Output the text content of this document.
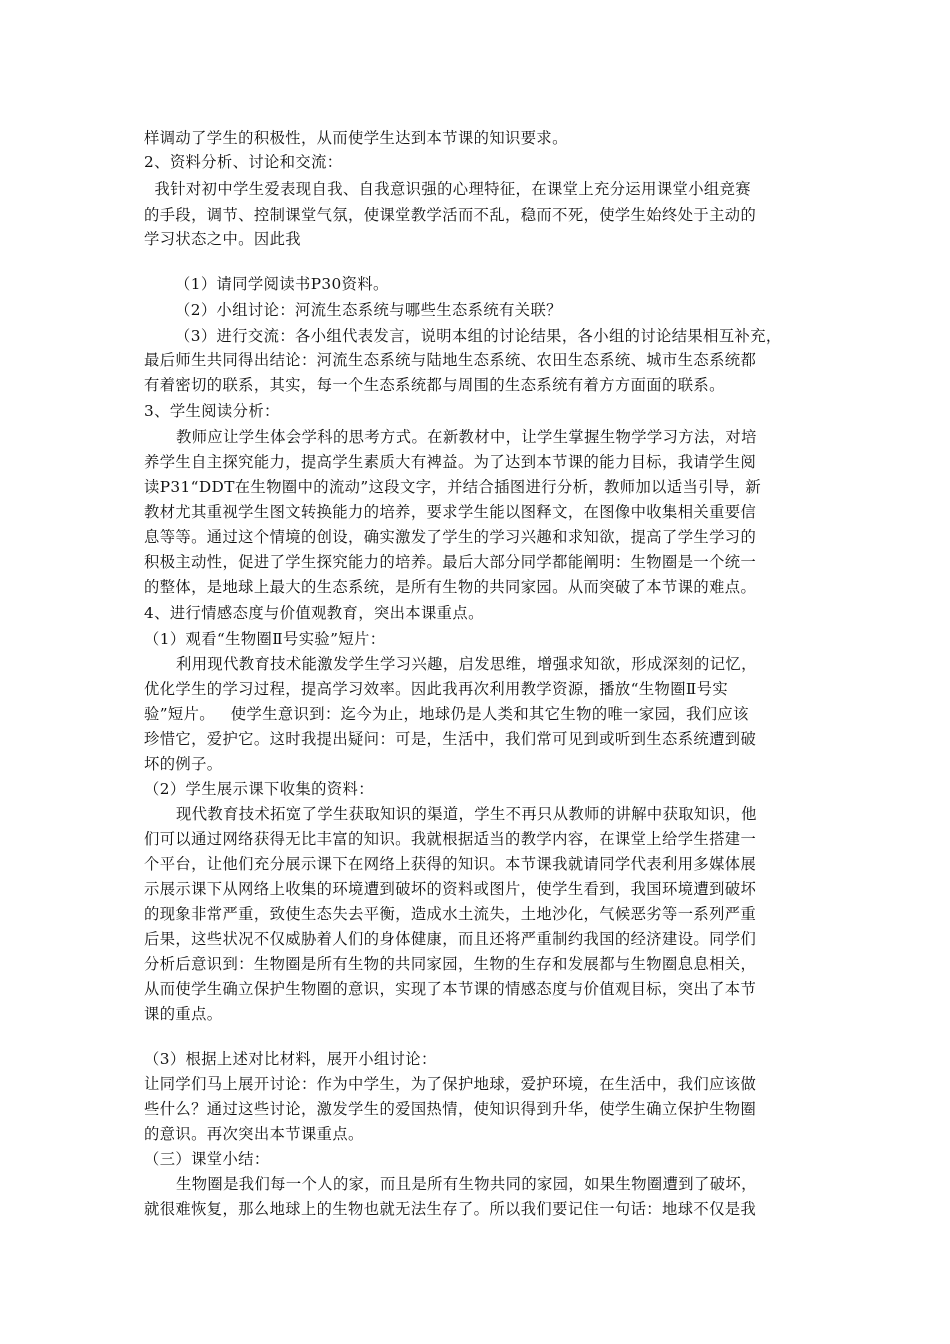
样调动了学生的积极性，从而使学生达到本节课的知识要求。
2、资料分析、讨论和交流：
我针对初中学生爱表现自我、自我意识强的心理特征，在课堂上充分运用课堂小组竞赛
的手段，调节、控制课堂气氛，使课堂教学活而不乱，稳而不死，使学生始终处于主动的
学习状态之中。因此我
（1）请同学阅读书P30资料。
（2）小组讨论：河流生态系统与哪些生态系统有关联？
（3）进行交流：各小组代表发言，说明本组的讨论结果，各小组的讨论结果相互补充，
最后师生共同得出结论：河流生态系统与陆地生态系统、农田生态系统、城市生态系统都
有着密切的联系，其实，每一个生态系统都与周围的生态系统有着方方面面的联系。
3、学生阅读分析：
教师应让学生体会学科的思考方式。在新教材中，让学生掌握生物学学习方法，对培
养学生自主探究能力，提高学生素质大有裨益。为了达到本节课的能力目标，我请学生阅
读P31“DDT在生物圈中的流动”这段文字，并结合插图进行分析，教师加以适当引导，新
教材尤其重视学生图文转换能力的培养，要求学生能以图释文，在图像中收集相关重要信
息等等。通过这个情境的创设，确实激发了学生的学习兴趣和求知欲，提高了学生学习的
积极主动性，促进了学生探究能力的培养。最后大部分同学都能阐明：生物圈是一个统一
的整体，是地球上最大的生态系统，是所有生物的共同家园。从而突破了本节课的难点。
4、进行情感态度与价值观教育，突出本课重点。
（1）观看“生物圈Ⅱ号实验”短片：
利用现代教育技术能激发学生学习兴趣，启发思维，增强求知欲，形成深刻的记忆，
优化学生的学习过程，提高学习效率。因此我再次利用教学资源，播放“生物圈Ⅱ号实
验”短片。   使学生意识到：迄今为止，地球仍是人类和其它生物的唯一家园，我们应该
珍惜它，爱护它。这时我提出疑问：可是，生活中，我们常可见到或听到生态系统遭到破
坏的例子。
（2）学生展示课下收集的资料：
现代教育技术拓宽了学生获取知识的渠道，学生不再只从教师的讲解中获取知识，他
们可以通过网络获得无比丰富的知识。我就根据适当的教学内容，在课堂上给学生搭建一
个平台，让他们充分展示课下在网络上获得的知识。本节课我就请同学代表利用多媒体展
示展示课下从网络上收集的环境遭到破坏的资料或图片，使学生看到，我国环境遭到破坏
的现象非常严重，致使生态失去平衡，造成水土流失，土地沙化，气候恶劣等一系列严重
后果，这些状况不仅威胁着人们的身体健康，而且还将严重制约我国的经济建设。同学们
分析后意识到：生物圈是所有生物的共同家园，生物的生存和发展都与生物圈息息相关，
从而使学生确立保护生物圈的意识，实现了本节课的情感态度与价值观目标，突出了本节
课的重点。
（3）根据上述对比材料，展开小组讨论：
让同学们马上展开讨论：作为中学生，为了保护地球，爱护环境，在生活中，我们应该做
些什么？通过这些讨论，激发学生的爱国热情，使知识得到升华，使学生确立保护生物圈
的意识。再次突出本节课重点。
（三）课堂小结：
生物圈是我们每一个人的家，而且是所有生物共同的家园，如果生物圈遭到了破坏，
就很难恢复，那么地球上的生物也就无法生存了。所以我们要记住一句话：地球不仅是我
